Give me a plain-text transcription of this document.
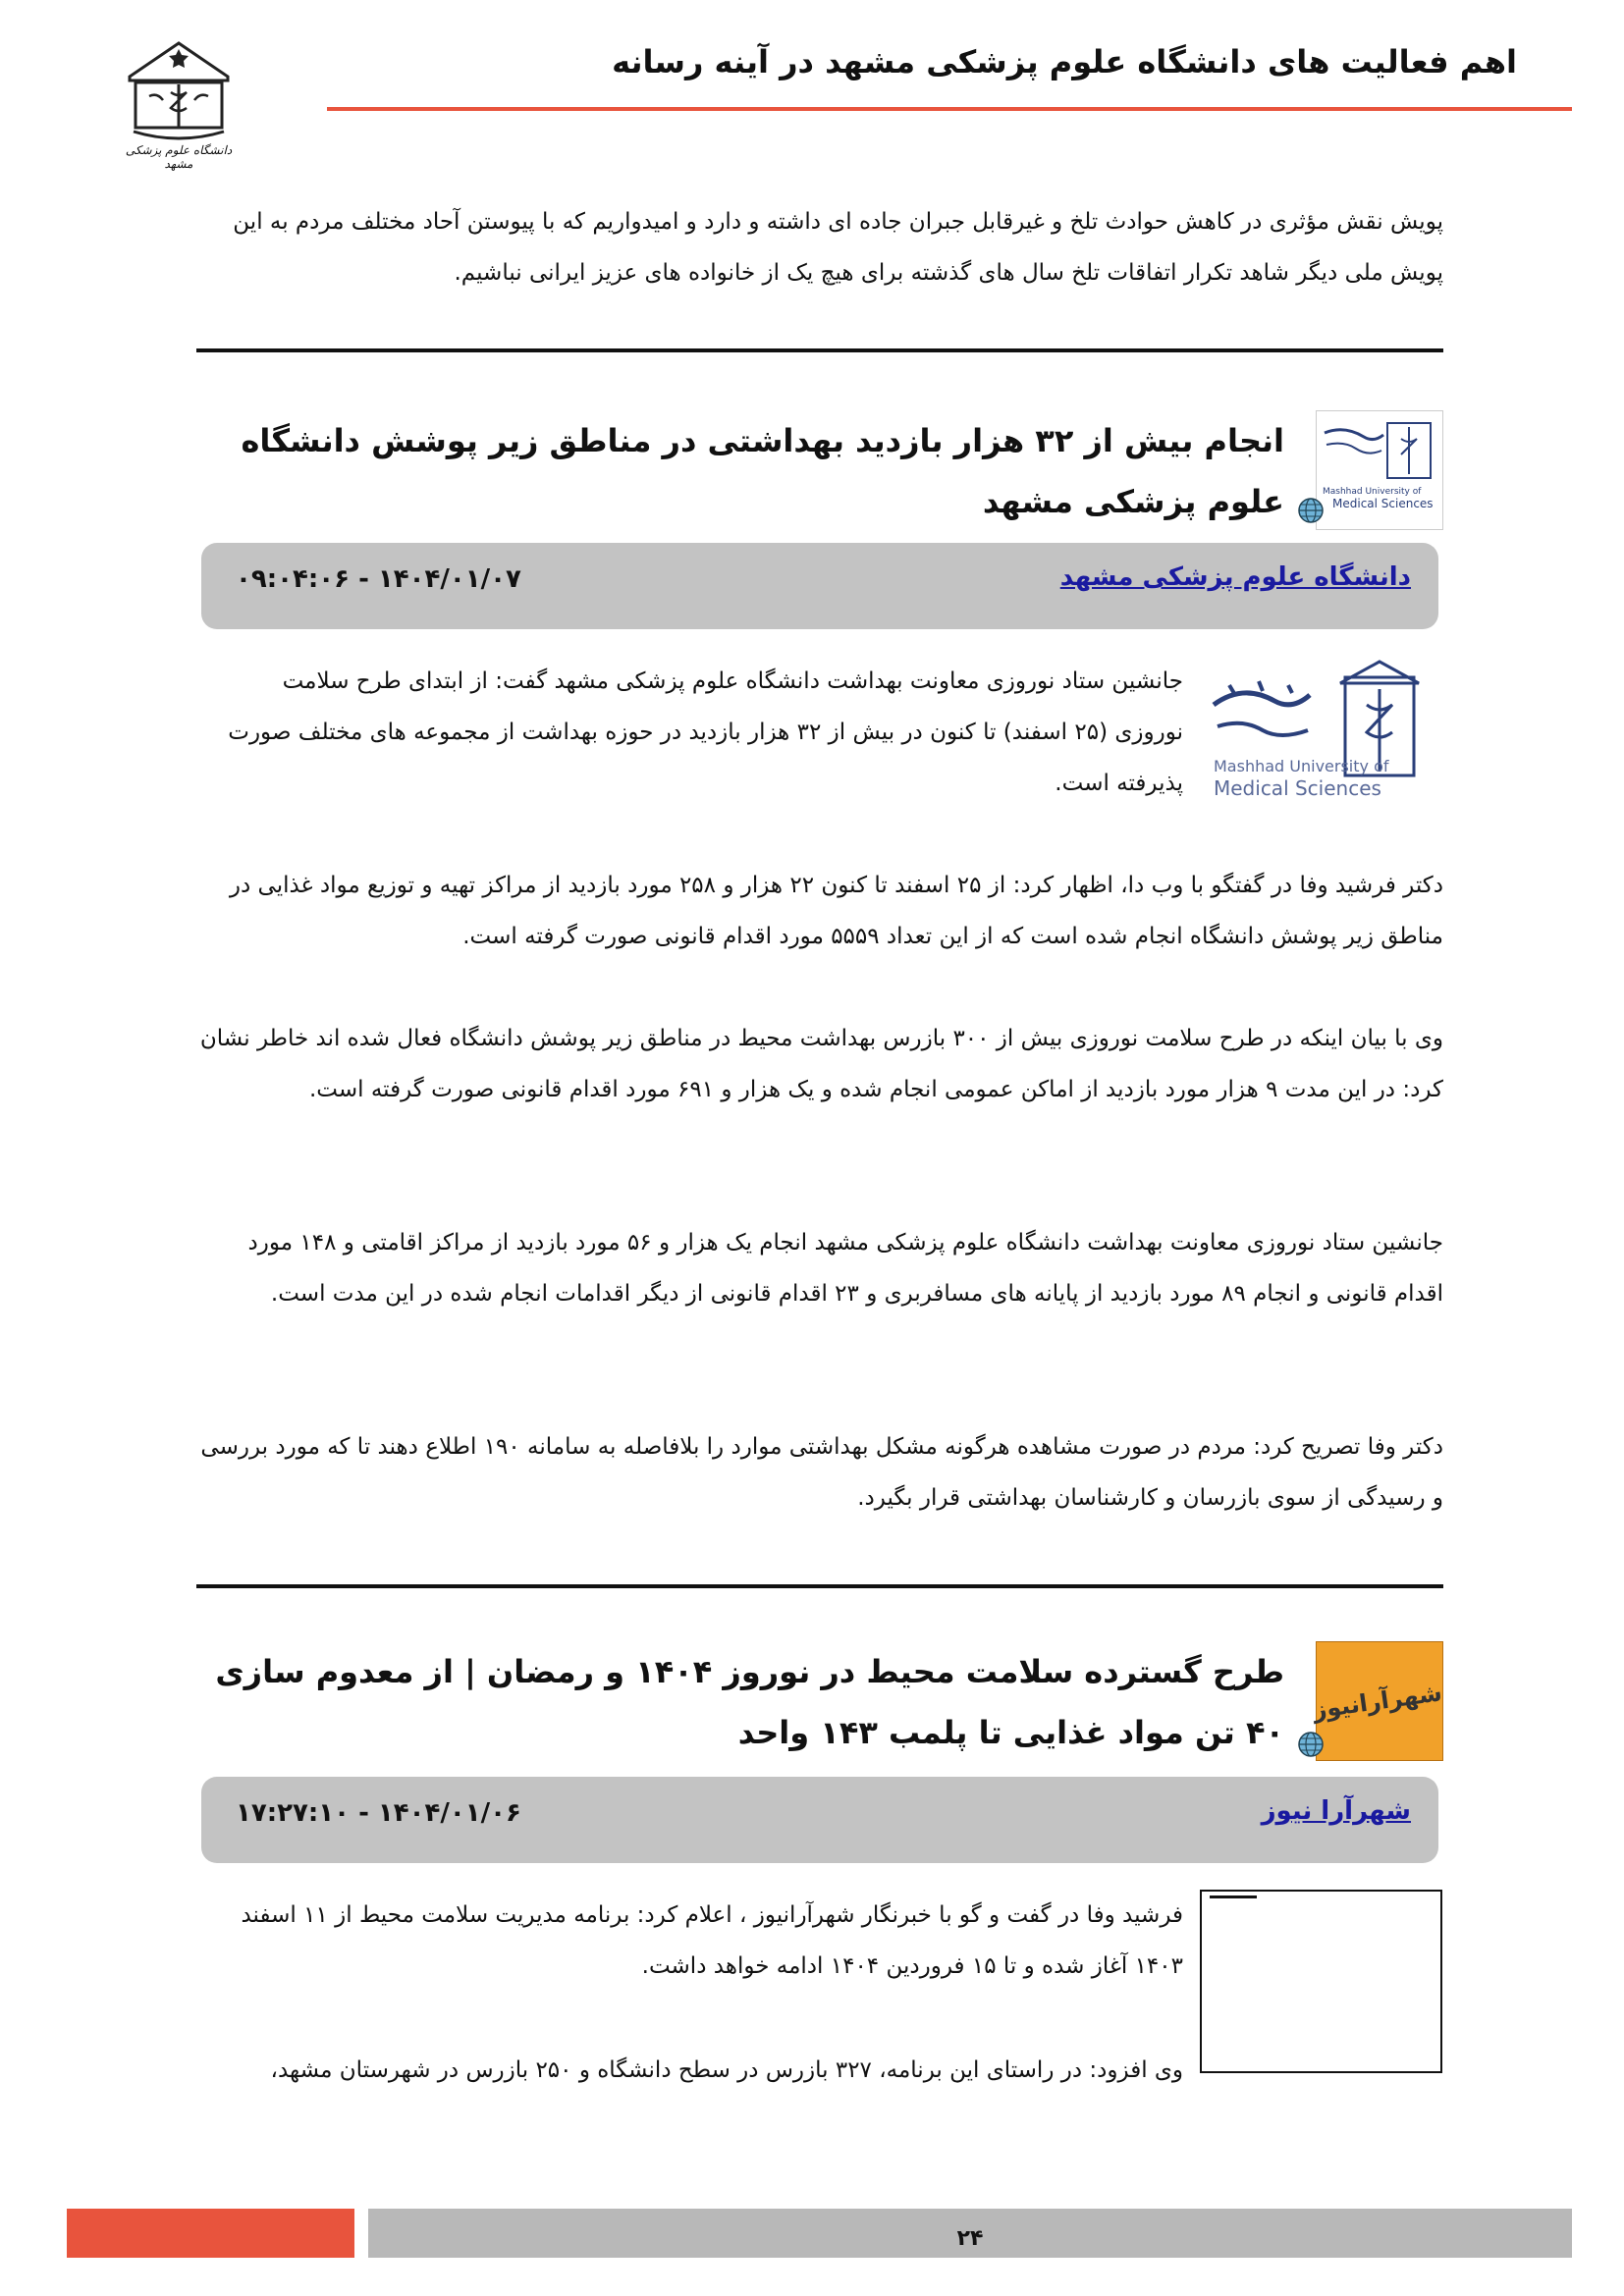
اهم فعالیت های دانشگاه علوم پزشکی مشهد در آینه رسانه
دانشگاه علوم پزشکی مشهد
پویش نقش مؤثری در کاهش حوادث تلخ و غیرقابل جبران جاده ای داشته و دارد و امیدواریم که با پیوستن آحاد مختلف مردم به این پویش ملی دیگر شاهد تکرار اتفاقات تلخ سال های گذشته برای هیچ یک از خانواده های عزیز ایرانی نباشیم.
Mashhad University of
Medical Sciences
انجام بیش از ۳۲ هزار بازدید بهداشتی در مناطق زیر پوشش دانشگاه علوم پزشکی مشهد
دانشگاه علوم پزشکی مشهد
۱۴۰۴/۰۱/۰۷ - ۰۹:۰۴:۰۶
Mashhad University of
Medical Sciences
جانشین ستاد نوروزی معاونت بهداشت دانشگاه علوم پزشکی مشهد گفت: از ابتدای طرح سلامت نوروزی (۲۵ اسفند) تا کنون در بیش از ۳۲ هزار بازدید در حوزه بهداشت از مجموعه های مختلف صورت پذیرفته است.
دکتر فرشید وفا در گفتگو با وب دا، اظهار کرد: از ۲۵ اسفند تا کنون ۲۲ هزار و ۲۵۸ مورد بازدید از مراکز تهیه و توزیع مواد غذایی در مناطق زیر پوشش دانشگاه انجام شده است که از این تعداد ۵۵۵۹ مورد اقدام قانونی صورت گرفته است.
وی با بیان اینکه در طرح سلامت نوروزی بیش از ۳۰۰ بازرس بهداشت محیط در مناطق زیر پوشش دانشگاه فعال شده اند خاطر نشان کرد: در این مدت ۹ هزار مورد بازدید از اماکن عمومی انجام شده و یک هزار و ۶۹۱ مورد اقدام قانونی صورت گرفته است.
جانشین ستاد نوروزی معاونت بهداشت دانشگاه علوم پزشکی مشهد انجام یک هزار و ۵۶ مورد بازدید از مراکز اقامتی و ۱۴۸ مورد اقدام قانونی و انجام ۸۹ مورد بازدید از پایانه های مسافربری و ۲۳ اقدام قانونی از دیگر اقدامات انجام شده در این مدت است.
دکتر وفا تصریح کرد: مردم در صورت مشاهده هرگونه مشکل بهداشتی موارد را بلافاصله به سامانه ۱۹۰ اطلاع دهند تا که مورد بررسی و رسیدگی از سوی بازرسان و کارشناسان بهداشتی قرار بگیرد.
شهرآرانیوز
طرح گسترده سلامت محیط در نوروز ۱۴۰۴ و رمضان | از معدوم سازی ۴۰ تن مواد غذایی تا پلمب ۱۴۳ واحد
شهرآ‌را نیوز
۱۴۰۴/۰۱/۰۶ - ۱۷:۲۷:۱۰
فرشید وفا در گفت و گو با خبرنگار شهرآرانیوز ، اعلام کرد: برنامه مدیریت سلامت محیط از ۱۱ اسفند ۱۴۰۳ آغاز شده و تا ۱۵ فروردین ۱۴۰۴ ادامه خواهد داشت.
وی افزود: در راستای این برنامه، ۳۲۷ بازرس در سطح دانشگاه و ۲۵۰ بازرس در شهرستان مشهد،
۲۴
